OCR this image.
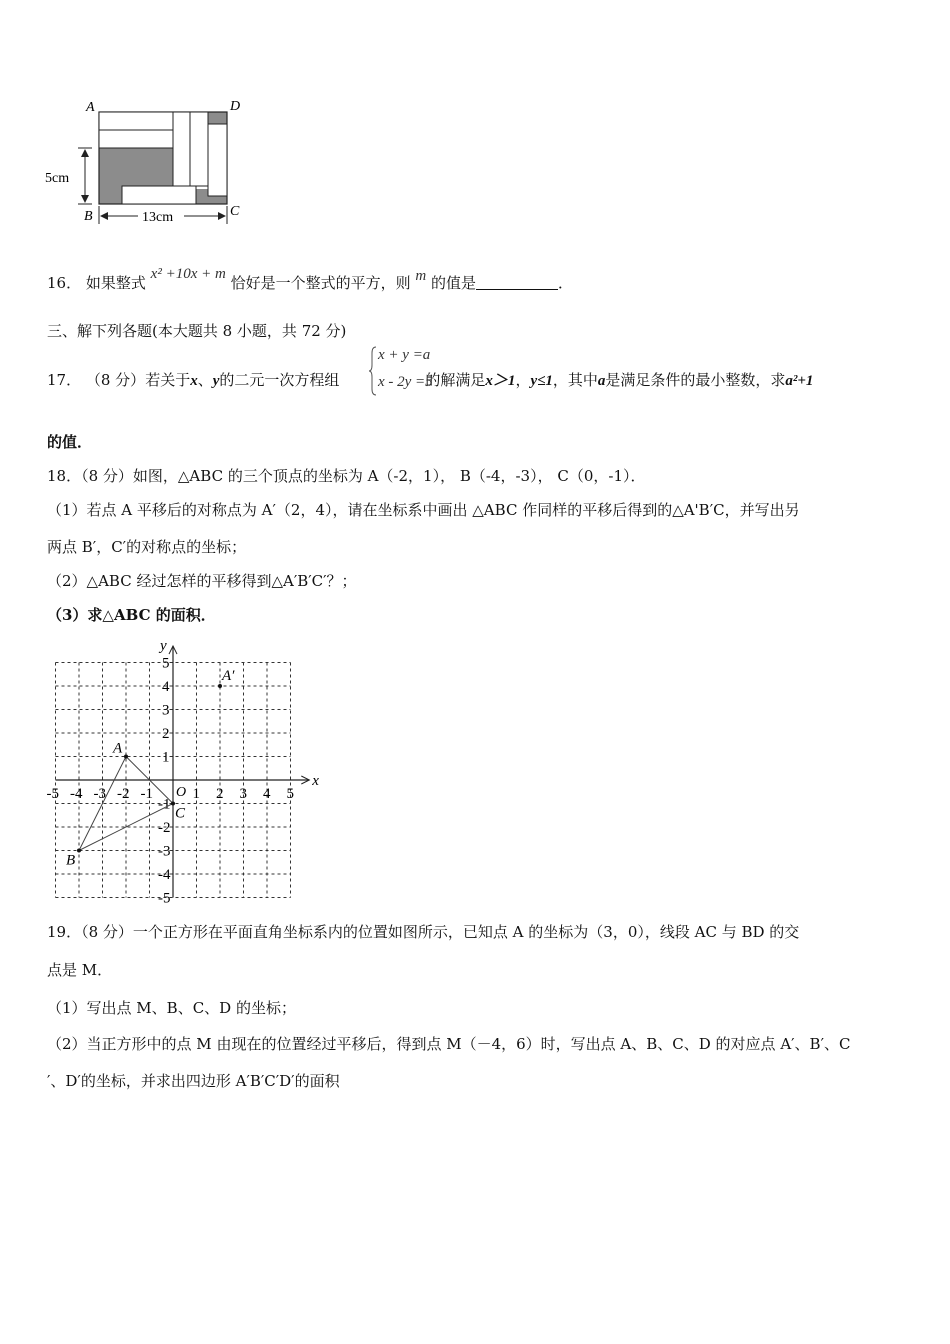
A	D
B	C
5cm
13cm
16． 如果整式 x² +10x + m 恰好是一个整式的平方，则 m 的值是	．
三、解下列各题(本大题共 8 小题，共 72 分)
17． （8 分）若关于x、y的二元一次方程组	的解满足x＞1，y≤1，其中a是满足条件的最小整数，求a²+1
x + y =a
x - 2y =5
的值．
18．（8 分）如图，△ABC 的三个顶点的坐标为 A（-2，1）， B（-4，-3）， C（0，-1）．
（1）若点 A 平移后的对称点为 A′（2，4），请在坐标系中画出 △ABC 作同样的平移后得到的△A'B′C，并写出另
两点 B′，C′的对称点的坐标；
（2）△ABC 经过怎样的平移得到△A′B′C′？；
（3）求△ABC 的面积．
x
y
O
-5 -4 -3 -2 -1	1 2 3 4 5
5
4
3
2
1
-1
-2
-3
-4
-5
A
B
C
A′
19．（8 分）一个正方形在平面直角坐标系内的位置如图所示，已知点 A 的坐标为（3，0），线段 AC 与 BD 的交
点是 M．
（1）写出点 M、B、C、D 的坐标；
（2）当正方形中的点 M 由现在的位置经过平移后，得到点 M（－4，6）时，写出点 A、B、C、D 的对应点 A′、B′、C
′、D′的坐标，并求出四边形 A′B′C′D′的面积
